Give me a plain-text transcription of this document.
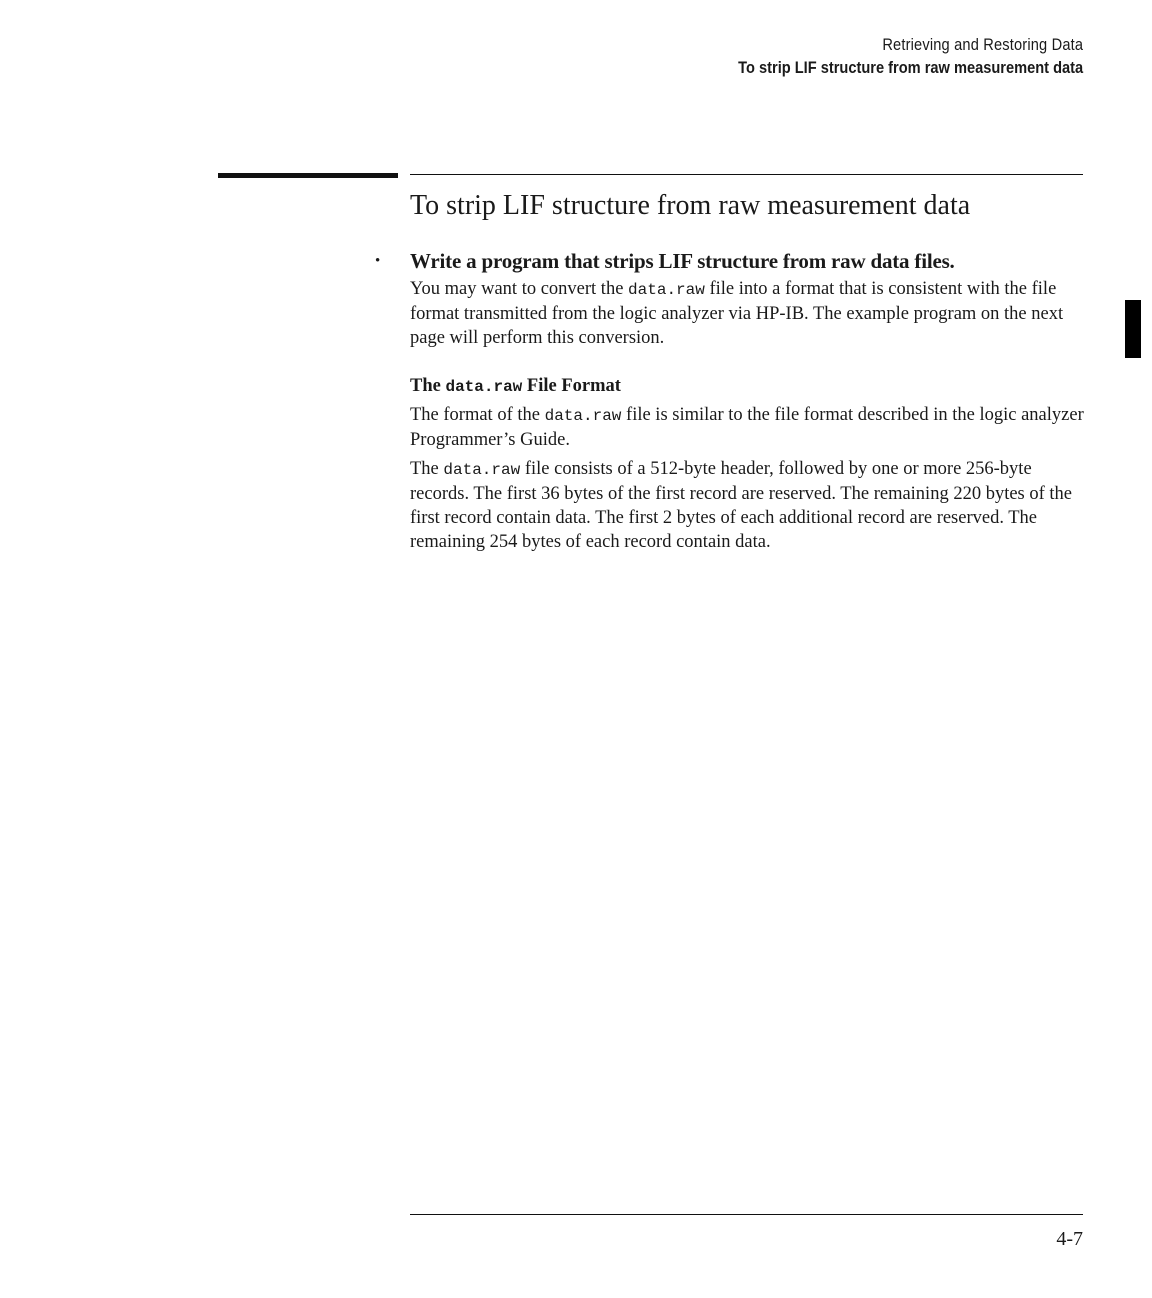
Retrieving and Restoring Data
To strip LIF structure from raw measurement data
To strip LIF structure from raw measurement data
• Write a program that strips LIF structure from raw data files.

You may want to convert the data.raw file into a format that is consistent with the file format transmitted from the logic analyzer via HP-IB. The example program on the next page will perform this conversion.

The data.raw File Format

The format of the data.raw file is similar to the file format described in the logic analyzer Programmer’s Guide.

The data.raw file consists of a 512-byte header, followed by one or more 256-byte records. The first 36 bytes of the first record are reserved. The remaining 220 bytes of the first record contain data. The first 2 bytes of each additional record are reserved. The remaining 254 bytes of each record contain data.

4-7
